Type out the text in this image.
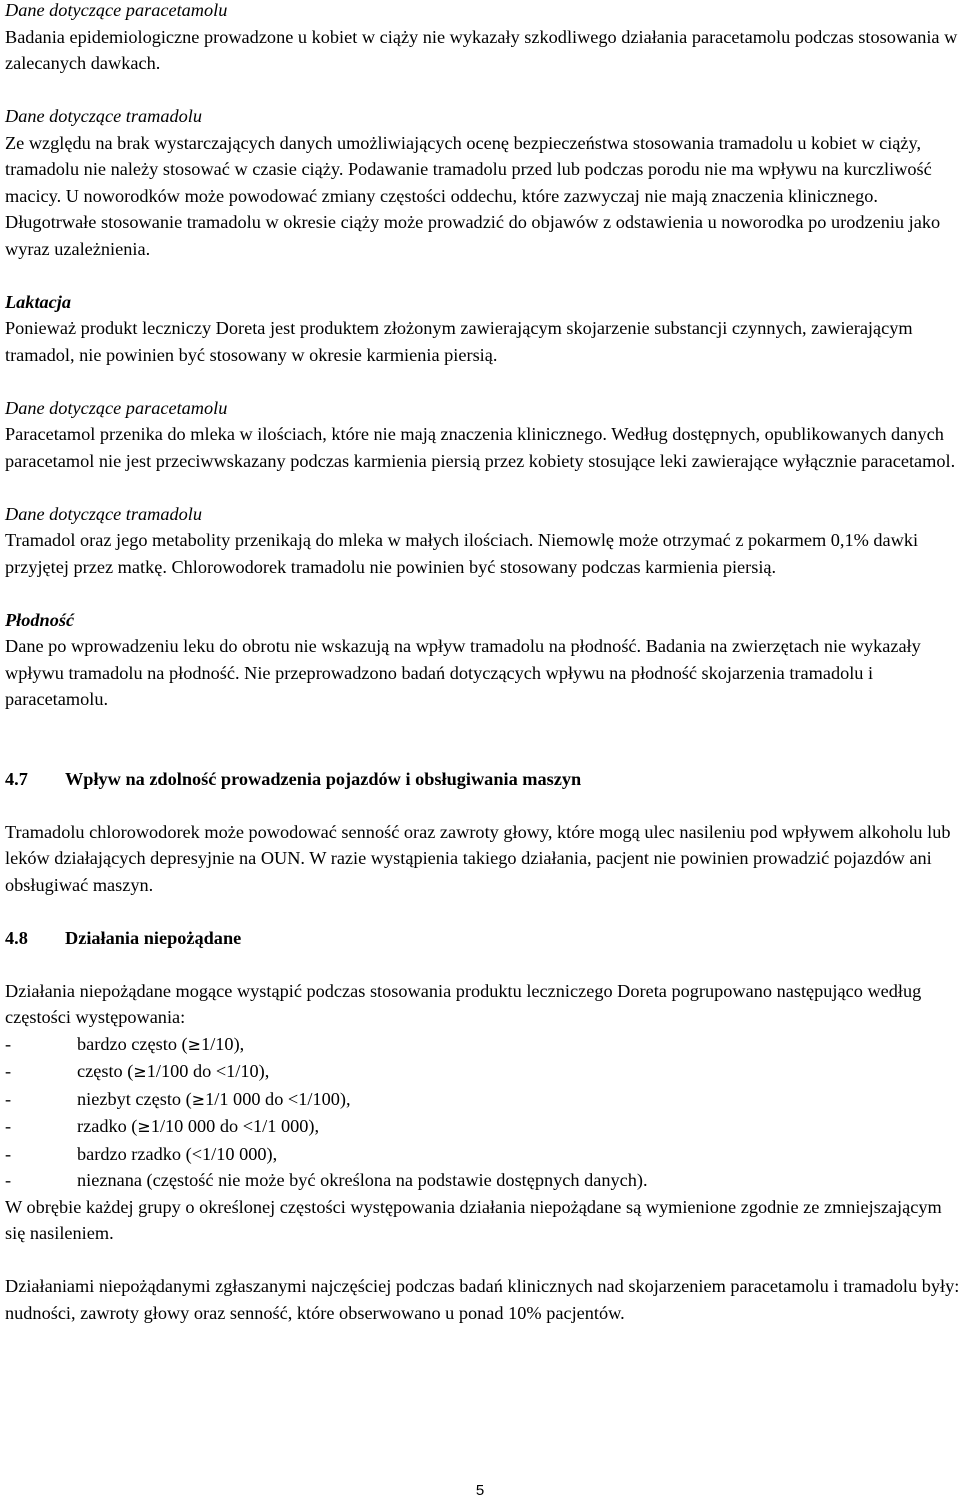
Dane dotyczące paracetamolu

Badania epidemiologiczne prowadzone u kobiet w ciąży nie wykazały szkodliwego działania paracetamolu podczas stosowania w zalecanych dawkach.

Dane dotyczące tramadolu

Ze względu na brak wystarczających danych umożliwiających ocenę bezpieczeństwa stosowania tramadolu u kobiet w ciąży, tramadolu nie należy stosować w czasie ciąży. Podawanie tramadolu przed lub podczas porodu nie ma wpływu na kurczliwość macicy. U noworodków może powodować zmiany częstości oddechu, które zazwyczaj nie mają znaczenia klinicznego. Długotrwałe stosowanie tramadolu w okresie ciąży może prowadzić do objawów z odstawienia u noworodka po urodzeniu jako wyraz uzależnienia.

Laktacja

Ponieważ produkt leczniczy Doreta jest produktem złożonym zawierającym skojarzenie substancji czynnych, zawierającym tramadol, nie powinien być stosowany w okresie karmienia piersią.

Dane dotyczące paracetamolu

Paracetamol przenika do mleka w ilościach, które nie mają znaczenia klinicznego. Według dostępnych, opublikowanych danych paracetamol nie jest przeciwwskazany podczas karmienia piersią przez kobiety stosujące leki zawierające wyłącznie paracetamol.

Dane dotyczące tramadolu

Tramadol oraz jego metabolity przenikają do mleka w małych ilościach. Niemowlę może otrzymać z pokarmem 0,1% dawki przyjętej przez matkę. Chlorowodorek tramadolu nie powinien być stosowany podczas karmienia piersią.

Płodność

Dane po wprowadzeniu leku do obrotu nie wskazują na wpływ tramadolu na płodność. Badania na zwierzętach nie wykazały wpływu tramadolu na płodność. Nie przeprowadzono badań dotyczących wpływu na płodność skojarzenia tramadolu i paracetamolu.

4.7	Wpływ na zdolność prowadzenia pojazdów i obsługiwania maszyn

Tramadolu chlorowodorek może powodować senność oraz zawroty głowy, które mogą ulec nasileniu pod wpływem alkoholu lub leków działających depresyjnie na OUN. W razie wystąpienia takiego działania, pacjent nie powinien prowadzić pojazdów ani obsługiwać maszyn.

4.8	Działania niepożądane

Działania niepożądane mogące wystąpić podczas stosowania produktu leczniczego Doreta pogrupowano następująco według częstości występowania:

-	bardzo często (≥1/10),
-	często (≥1/100 do <1/10),
-	niezbyt często (≥1/1 000 do <1/100),
-	rzadko (≥1/10 000 do <1/1 000),
-	bardzo rzadko (<1/10 000),
-	nieznana (częstość nie może być określona na podstawie dostępnych danych).

W obrębie każdej grupy o określonej częstości występowania działania niepożądane są wymienione zgodnie ze zmniejszającym się nasileniem.

Działaniami niepożądanymi zgłaszanymi najczęściej podczas badań klinicznych nad skojarzeniem paracetamolu i tramadolu były: nudności, zawroty głowy oraz senność, które obserwowano u ponad 10% pacjentów.

5
